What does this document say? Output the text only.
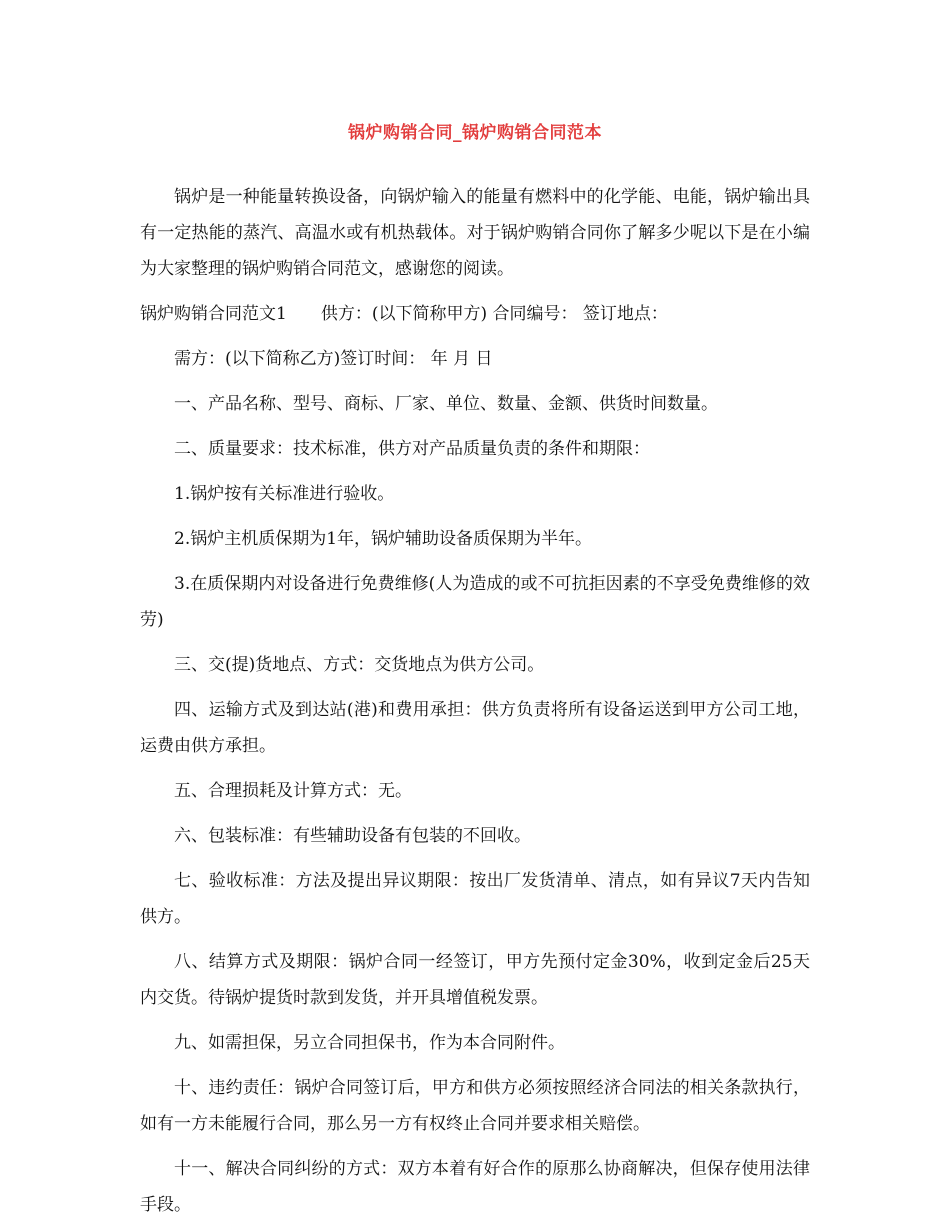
锅炉购销合同_锅炉购销合同范本

锅炉是一种能量转换设备，向锅炉输入的能量有燃料中的化学能、电能，锅炉输出具有一定热能的蒸汽、高温水或有机热载体。对于锅炉购销合同你了解多少呢以下是在小编为大家整理的锅炉购销合同范文，感谢您的阅读。

锅炉购销合同范文1　　供方：(以下简称甲方) 合同编号： 签订地点：

需方：(以下简称乙方)签订时间： 年 月 日

一、产品名称、型号、商标、厂家、单位、数量、金额、供货时间数量。

二、质量要求：技术标准，供方对产品质量负责的条件和期限：

1.锅炉按有关标准进行验收。

2.锅炉主机质保期为1年，锅炉辅助设备质保期为半年。

3.在质保期内对设备进行免费维修(人为造成的或不可抗拒因素的不享受免费维修的效劳)

三、交(提)货地点、方式：交货地点为供方公司。

四、运输方式及到达站(港)和费用承担：供方负责将所有设备运送到甲方公司工地，运费由供方承担。

五、合理损耗及计算方式：无。

六、包装标准：有些辅助设备有包装的不回收。

七、验收标准：方法及提出异议期限：按出厂发货清单、清点，如有异议7天内告知供方。

八、结算方式及期限：锅炉合同一经签订，甲方先预付定金30%，收到定金后25天内交货。待锅炉提货时款到发货，并开具增值税发票。

九、如需担保，另立合同担保书，作为本合同附件。

十、违约责任：锅炉合同签订后，甲方和供方必须按照经济合同法的相关条款执行，如有一方未能履行合同，那么另一方有权终止合同并要求相关赔偿。

十一、解决合同纠纷的方式：双方本着有好合作的原那么协商解决，但保存使用法律手段。
